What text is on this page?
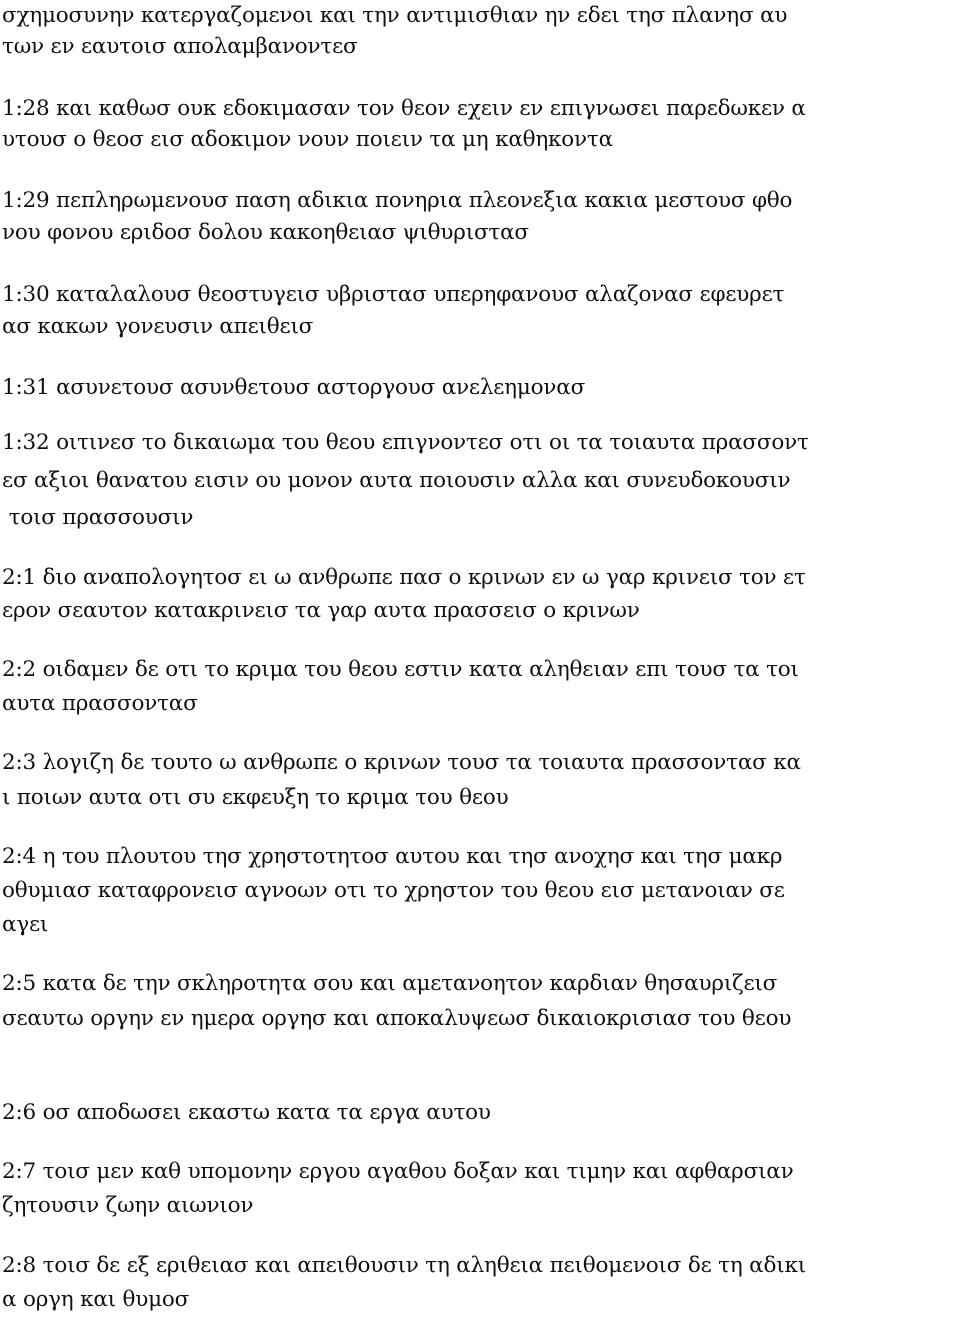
σχημοσυνην κατεργαζομενοι και την αντιμισθιαν ην εδει τησ πλανησ αυ
των εν εαυτοισ απολαμβανοντεσ
1:28 και καθωσ ουκ εδοκιμασαν τον θεον εχειν εν επιγνωσει παρεδωκεν α
υτουσ ο θεοσ εισ αδοκιμον νουν ποιειν τα μη καθηκοντα
1:29 πεπληρωμενουσ παση αδικια πονηρια πλεονεξια κακια μεστουσ φθο
νου φονου εριδοσ δολου κακοηθειασ ψιθυριστασ
1:30 καταλαλουσ θεοστυγεισ υβριστασ υπερηφανουσ αλαζονασ εφευρετ
ασ κακων γονευσιν απειθεισ
1:31 ασυνετουσ ασυνθετουσ αστοργουσ ανελεημονασ
1:32 οιτινεσ το δικαιωμα του θεου επιγνοντεσ οτι οι τα τοιαυτα πρασσοντ
εσ αξιοι θανατου εισιν ου μονον αυτα ποιουσιν αλλα και συνευδοκουσιν
τοισ πρασσουσιν
2:1 διο αναπολογητοσ ει ω ανθρωπε πασ ο κρινων εν ω γαρ κρινεισ τον ετ
ερον σεαυτον κατακρινεισ τα γαρ αυτα πρασσεισ ο κρινων
2:2 οιδαμεν δε οτι το κριμα του θεου εστιν κατα αληθειαν επι τουσ τα τοι
αυτα πρασσοντασ
2:3 λογιζη δε τουτο ω ανθρωπε ο κρινων τουσ τα τοιαυτα πρασσοντασ κα
ι ποιων αυτα οτι συ εκφευξη το κριμα του θεου
2:4 η του πλουτου τησ χρηστοτητοσ αυτου και τησ ανοχησ και τησ μακρ
οθυμιασ καταφρονεισ αγνοων οτι το χρηστον του θεου εισ μετανοιαν σε
αγει
2:5 κατα δε την σκληροτητα σου και αμετανοητον καρδιαν θησαυριζεισ
σεαυτω οργην εν ημερα οργησ και αποκαλυψεωσ δικαιοκρισιασ του θεου
2:6 οσ αποδωσει εκαστω κατα τα εργα αυτου
2:7 τοισ μεν καθ υπομονην εργου αγαθου δοξαν και τιμην και αφθαρσιαν
ζητουσιν ζωην αιωνιον
2:8 τοισ δε εξ εριθειασ και απειθουσιν τη αληθεια πειθομενοισ δε τη αδικι
α οργη και θυμοσ
